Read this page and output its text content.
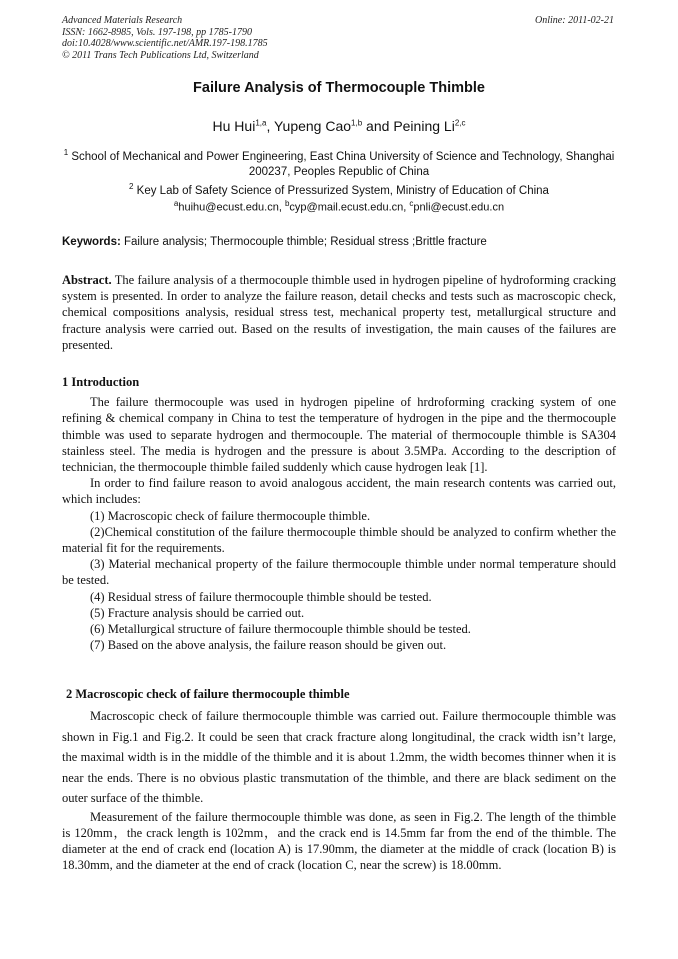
Advanced Materials Research
ISSN: 1662-8985, Vols. 197-198, pp 1785-1790
doi:10.4028/www.scientific.net/AMR.197-198.1785
© 2011 Trans Tech Publications Ltd, Switzerland
Online: 2011-02-21
Failure Analysis of Thermocouple Thimble
Hu Hui$^{1,a}$, Yupeng Cao$^{1,b}$ and Peining Li$^{2,c}$
$^1$ School of Mechanical and Power Engineering, East China University of Science and Technology, Shanghai 200237, Peoples Republic of China
$^2$ Key Lab of Safety Science of Pressurized System, Ministry of Education of China
$^a$huihu@ecust.edu.cn, $^b$cyp@mail.ecust.edu.cn, $^c$pnli@ecust.edu.cn
Keywords: Failure analysis; Thermocouple thimble; Residual stress ;Brittle fracture

Abstract. The failure analysis of a thermocouple thimble used in hydrogen pipeline of hydroforming cracking system is presented. In order to analyze the failure reason, detail checks and tests such as macroscopic check, chemical compositions analysis, residual stress test, mechanical property test, metallurgical structure and fracture analysis were carried out. Based on the results of investigation, the main causes of the failures are presented.

1 Introduction

The failure thermocouple was used in hydrogen pipeline of hrdroforming cracking system of one refining & chemical company in China to test the temperature of hydrogen in the pipe and the thermocouple thimble was used to separate hydrogen and thermocouple. The material of thermocouple thimble is SA304 stainless steel. The media is hydrogen and the pressure is about 3.5MPa. According to the description of technician, the thermocouple thimble failed suddenly which cause hydrogen leak [1].

In order to find failure reason to avoid analogous accident, the main research contents was carried out, which includes:

(1) Macroscopic check of failure thermocouple thimble.

(2)Chemical constitution of the failure thermocouple thimble should be analyzed to confirm whether the material fit for the requirements.

(3) Material mechanical property of the failure thermocouple thimble under normal temperature should be tested.

(4) Residual stress of failure thermocouple thimble should be tested.

(5) Fracture analysis should be carried out.

(6) Metallurgical structure of failure thermocouple thimble should be tested.

(7) Based on the above analysis, the failure reason should be given out.

2 Macroscopic check of failure thermocouple thimble

Macroscopic check of failure thermocouple thimble was carried out. Failure thermocouple thimble was shown in Fig.1 and Fig.2. It could be seen that crack fracture along longitudinal, the crack width isn’t large, the maximal width is in the middle of the thimble and it is about 1.2mm, the width becomes thinner when it is near the ends. There is no obvious plastic transmutation of the thimble, and there are black sediment on the outer surface of the thimble.

Measurement of the failure thermocouple thimble was done, as seen in Fig.2. The length of the thimble is 120mm，the crack length is 102mm，and the crack end is 14.5mm far from the end of the thimble. The diameter at the end of crack end (location A) is 17.90mm, the diameter at the middle of crack (location B) is 18.30mm, and the diameter at the end of crack (location C, near the screw) is 18.00mm.
